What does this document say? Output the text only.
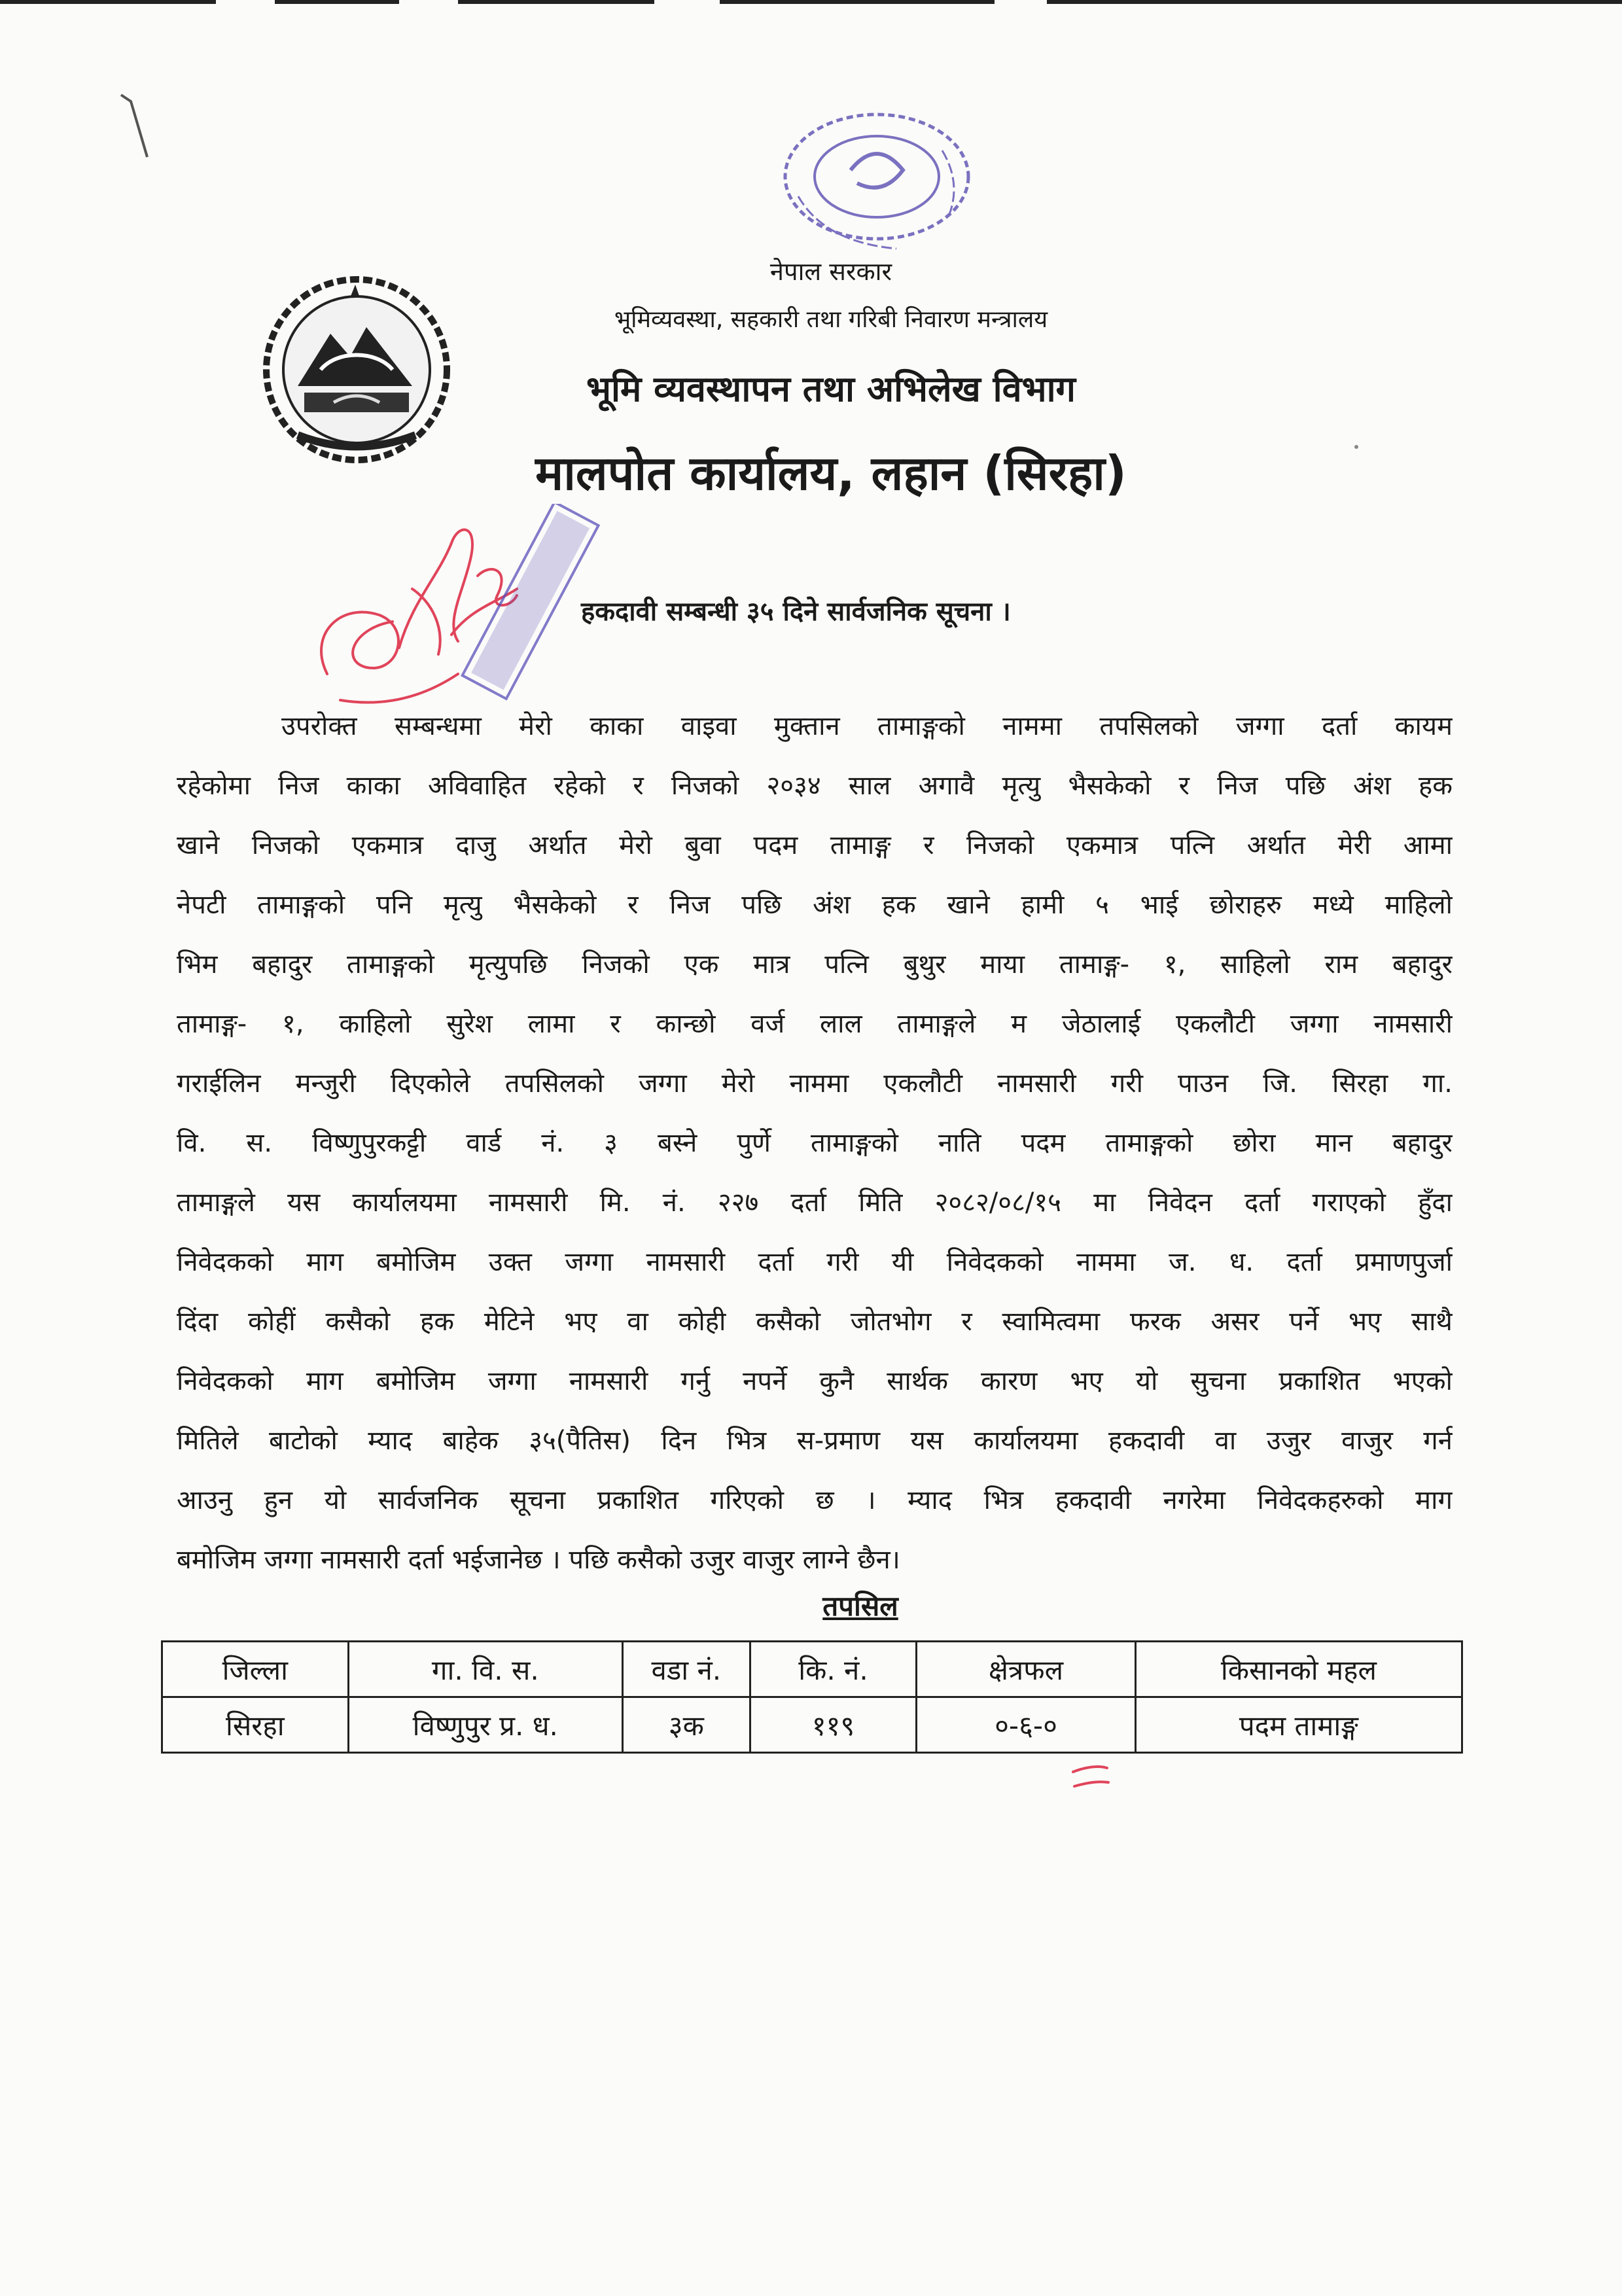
नेपाल सरकार
भूमिव्यवस्था, सहकारी तथा गरिबी निवारण मन्त्रालय
भूमि व्यवस्थापन तथा अभिलेख विभाग
मालपोत कार्यालय, लहान (सिरहा)
हकदावी सम्बन्धी ३५ दिने सार्वजनिक सूचना ।
उपरोक्त सम्बन्धमा मेरो काका वाइवा मुक्तान तामाङ्गको नाममा तपसिलको जग्गा दर्ता कायम
रहेकोमा निज काका अविवाहित रहेको र निजको २०३४ साल अगावै मृत्यु भैसकेको र निज पछि अंश हक
खाने निजको एकमात्र दाजु अर्थात मेरो बुवा पदम तामाङ्ग र निजको एकमात्र पत्नि अर्थात मेरी आमा
नेपटी तामाङ्गको पनि मृत्यु भैसकेको र निज पछि अंश हक खाने हामी ५ भाई छोराहरु मध्ये माहिलो
भिम बहादुर तामाङ्गको मृत्युपछि निजको एक मात्र पत्नि बुथुर माया तामाङ्ग- १, साहिलो राम बहादुर
तामाङ्ग- १, काहिलो सुरेश लामा र कान्छो वर्ज लाल तामाङ्गले म जेठालाई एकलौटी जग्गा नामसारी
गराईलिन मन्जुरी दिएकोले तपसिलको जग्गा मेरो नाममा एकलौटी नामसारी गरी पाउन जि. सिरहा गा.
वि. स. विष्णुपुरकट्टी वार्ड नं. ३ बस्ने पुर्णे तामाङ्गको नाति पदम तामाङ्गको छोरा मान बहादुर
तामाङ्गले यस कार्यालयमा नामसारी मि. नं. २२७ दर्ता मिति २०८२/०८/१५ मा निवेदन दर्ता गराएको हुँदा
निवेदकको माग बमोजिम उक्त जग्गा नामसारी दर्ता गरी यी निवेदकको नाममा ज. ध. दर्ता प्रमाणपुर्जा
दिंदा कोहीं कसैको हक मेटिने भए वा कोही कसैको जोतभोग र स्वामित्वमा फरक असर पर्ने भए साथै
निवेदकको माग बमोजिम जग्गा नामसारी गर्नु नपर्ने कुनै सार्थक कारण भए यो सुचना प्रकाशित भएको
मितिले बाटोको म्याद बाहेक ३५(पैतिस) दिन भित्र स-प्रमाण यस कार्यालयमा हकदावी वा उजुर वाजुर गर्न
आउनु हुन यो सार्वजनिक सूचना प्रकाशित गरिएको छ । म्याद भित्र हकदावी नगरेमा निवेदकहरुको माग
बमोजिम जग्गा नामसारी दर्ता भईजानेछ । पछि कसैको उजुर वाजुर लाग्ने छैन।
तपसिल
जिल्ला	गा. वि. स.	वडा नं.	कि. नं.	क्षेत्रफल	किसानको महल
सिरहा	विष्णुपुर प्र. ध.	३क	११९	०-६-०	पदम तामाङ्ग
